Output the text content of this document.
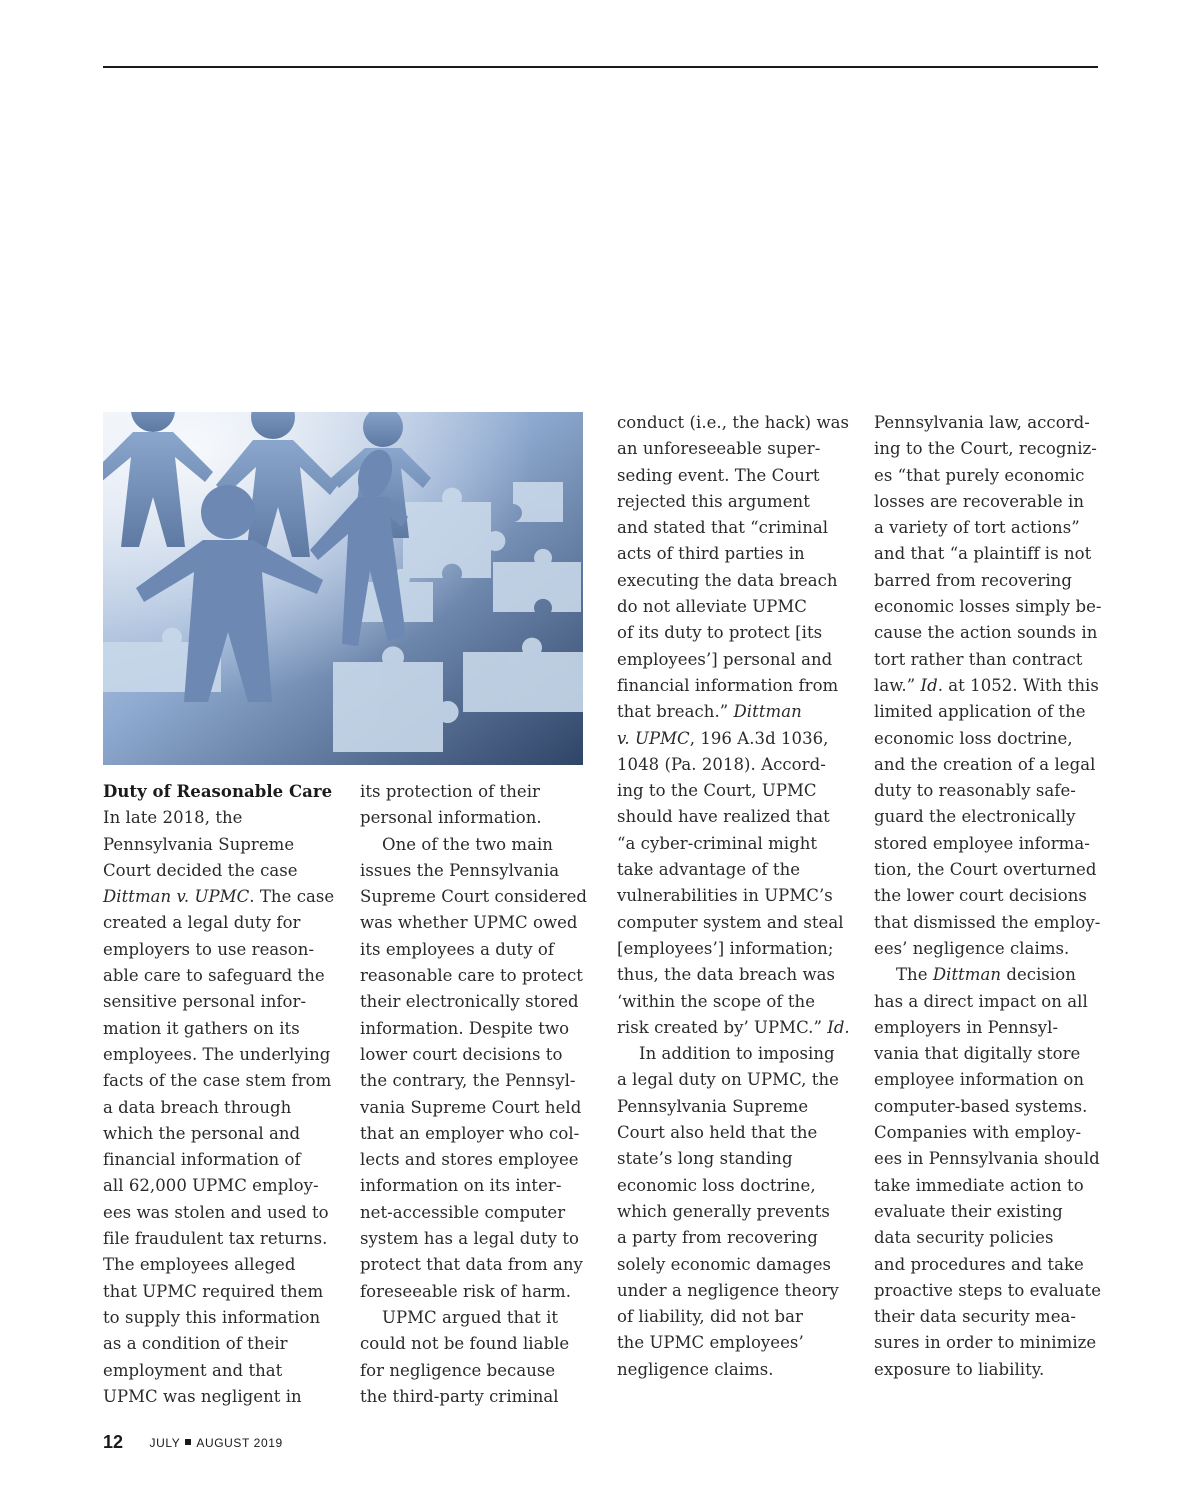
Duty of Reasonable Care

In late 2018, the

Pennsylvania Supreme

Court decided the case

Dittman v. UPMC. The case

created a legal duty for

employers to use reason-

able care to safeguard the

sensitive personal infor-

mation it gathers on its

employees. The underlying

facts of the case stem from

a data breach through

which the personal and

financial information of

all 62,000 UPMC employ-

ees was stolen and used to

file fraudulent tax returns.

The employees alleged

that UPMC required them

to supply this information

as a condition of their

employment and that

UPMC was negligent in

its protection of their

personal information.

One of the two main

issues the Pennsylvania

Supreme Court considered

was whether UPMC owed

its employees a duty of

reasonable care to protect

their electronically stored

information. Despite two

lower court decisions to

the contrary, the Pennsyl-

vania Supreme Court held

that an employer who col-

lects and stores employee

information on its inter-

net-accessible computer

system has a legal duty to

protect that data from any

foreseeable risk of harm.

UPMC argued that it

could not be found liable

for negligence because

the third-party criminal

conduct (i.e., the hack) was

an unforeseeable super-

seding event. The Court

rejected this argument

and stated that “criminal

acts of third parties in

executing the data breach

do not alleviate UPMC

of its duty to protect [its

employees’] personal and

financial information from

that breach.” Dittman

v. UPMC, 196 A.3d 1036,

1048 (Pa. 2018). Accord-

ing to the Court, UPMC

should have realized that

“a cyber-criminal might

take advantage of the

vulnerabilities in UPMC’s

computer system and steal

[employees’] information;

thus, the data breach was

‘within the scope of the

risk created by’ UPMC.” Id.

In addition to imposing

a legal duty on UPMC, the

Pennsylvania Supreme

Court also held that the

state’s long standing

economic loss doctrine,

which generally prevents

a party from recovering

solely economic damages

under a negligence theory

of liability, did not bar

the UPMC employees’

negligence claims.

Pennsylvania law, accord-

ing to the Court, recogniz-

es “that purely economic

losses are recoverable in

a variety of tort actions”

and that “a plaintiff is not

barred from recovering

economic losses simply be-

cause the action sounds in

tort rather than contract

law.” Id. at 1052. With this

limited application of the

economic loss doctrine,

and the creation of a legal

duty to reasonably safe-

guard the electronically

stored employee informa-

tion, the Court overturned

the lower court decisions

that dismissed the employ-

ees’ negligence claims.

The Dittman decision

has a direct impact on all

employers in Pennsyl-

vania that digitally store

employee information on

computer-based systems.

Companies with employ-

ees in Pennsylvania should

take immediate action to

evaluate their existing

data security policies

and procedures and take

proactive steps to evaluate

their data security mea-

sures in order to minimize

exposure to liability.

12 JULY AUGUST 2019
